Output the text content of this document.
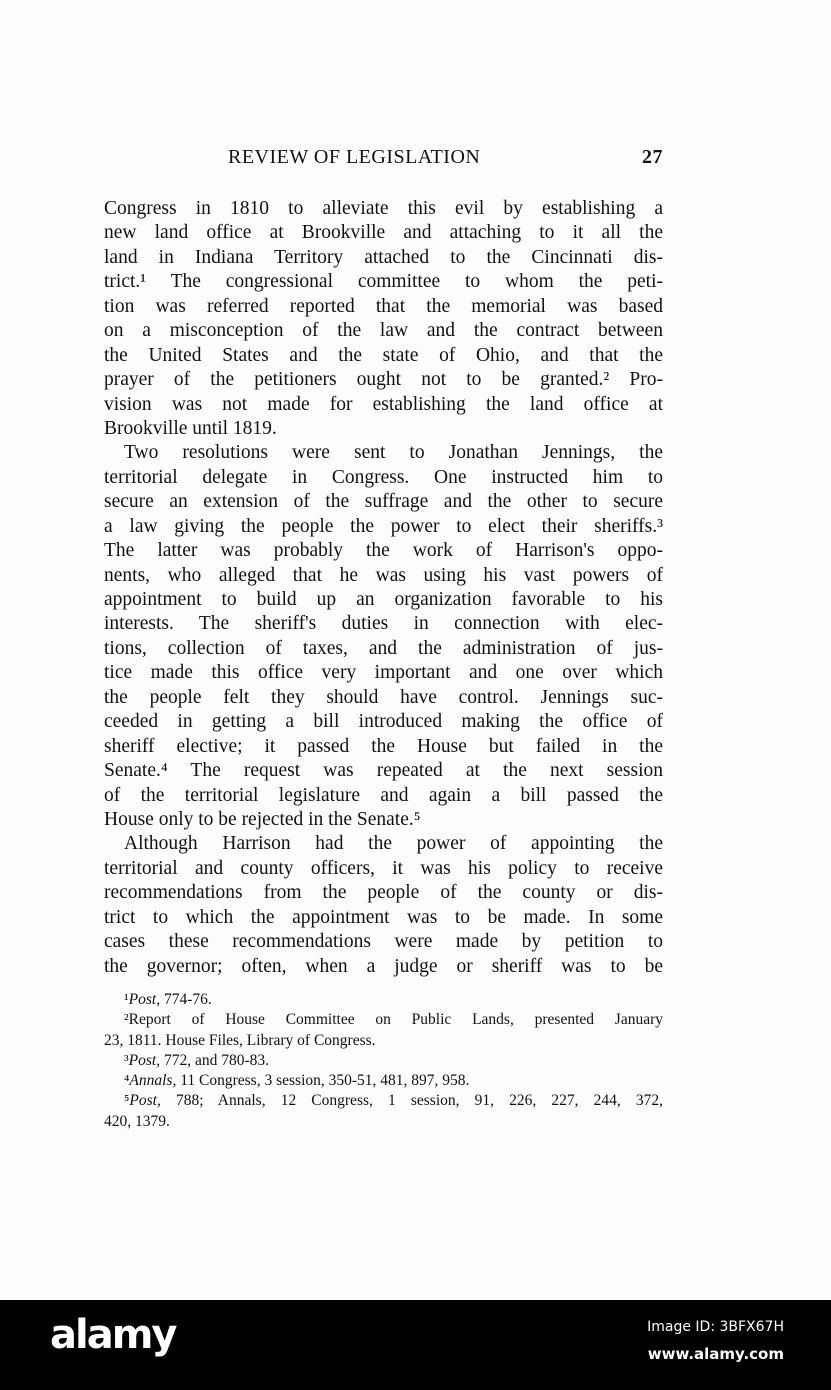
REVIEW OF LEGISLATION	27
Congress in 1810 to alleviate this evil by establishing a
new land office at Brookville and attaching to it all the
land in Indiana Territory attached to the Cincinnati dis-
trict.¹ The congressional committee to whom the peti-
tion was referred reported that the memorial was based
on a misconception of the law and the contract between
the United States and the state of Ohio, and that the
prayer of the petitioners ought not to be granted.² Pro-
vision was not made for establishing the land office at
Brookville until 1819.
Two resolutions were sent to Jonathan Jennings, the
territorial delegate in Congress. One instructed him to
secure an extension of the suffrage and the other to secure
a law giving the people the power to elect their sheriffs.³
The latter was probably the work of Harrison's oppo-
nents, who alleged that he was using his vast powers of
appointment to build up an organization favorable to his
interests. The sheriff's duties in connection with elec-
tions, collection of taxes, and the administration of jus-
tice made this office very important and one over which
the people felt they should have control. Jennings suc-
ceeded in getting a bill introduced making the office of
sheriff elective; it passed the House but failed in the
Senate.⁴ The request was repeated at the next session
of the territorial legislature and again a bill passed the
House only to be rejected in the Senate.⁵
Although Harrison had the power of appointing the
territorial and county officers, it was his policy to receive
recommendations from the people of the county or dis-
trict to which the appointment was to be made. In some
cases these recommendations were made by petition to
the governor; often, when a judge or sheriff was to be
¹Post, 774-76.
²Report of House Committee on Public Lands, presented January
23, 1811. House Files, Library of Congress.
³Post, 772, and 780-83.
⁴Annals, 11 Congress, 3 session, 350-51, 481, 897, 958.
⁵Post, 788; Annals, 12 Congress, 1 session, 91, 226, 227, 244, 372,
420, 1379.
alamy	Image ID: 3BFX67H
www.alamy.com
